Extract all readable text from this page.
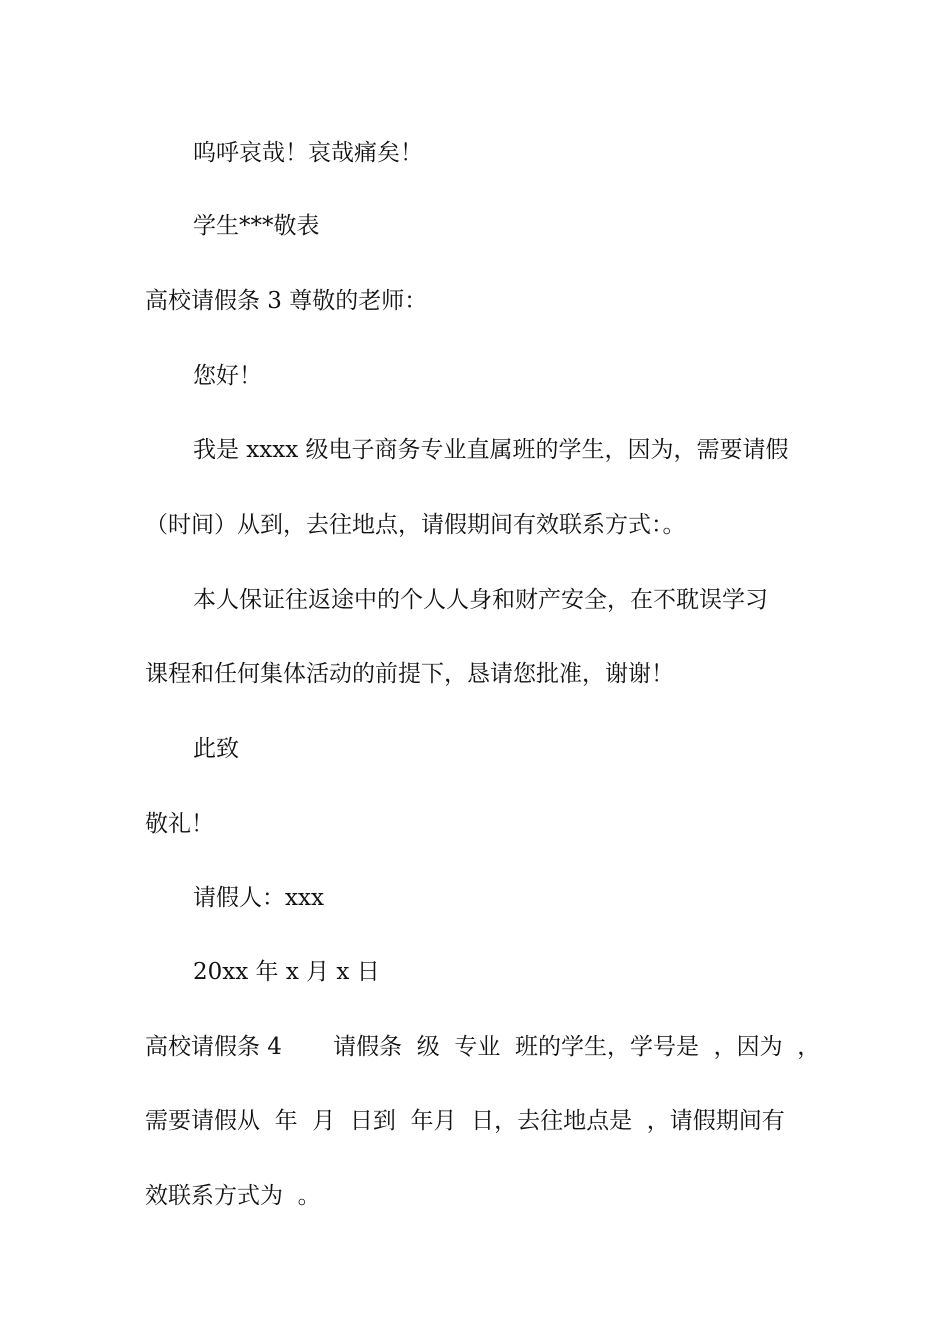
呜呼哀哉！哀哉痛矣！
学生***敬表
高校请假条 3 尊敬的老师：
您好！
我是 xxxx 级电子商务专业直属班的学生，因为，需要请假
（时间）从到，去往地点，请假期间有效联系方式：。
本人保证往返途中的个人人身和财产安全，在不耽误学习
课程和任何集体活动的前提下，恳请您批准，谢谢！
此致
敬礼！
请假人：xxx
20xx 年 x 月 x 日
高校请假条 4       请假条  级  专业  班的学生，学号是  ，因为  ，
需要请假从  年  月  日到  年月  日，去往地点是  ，请假期间有
效联系方式为  。
